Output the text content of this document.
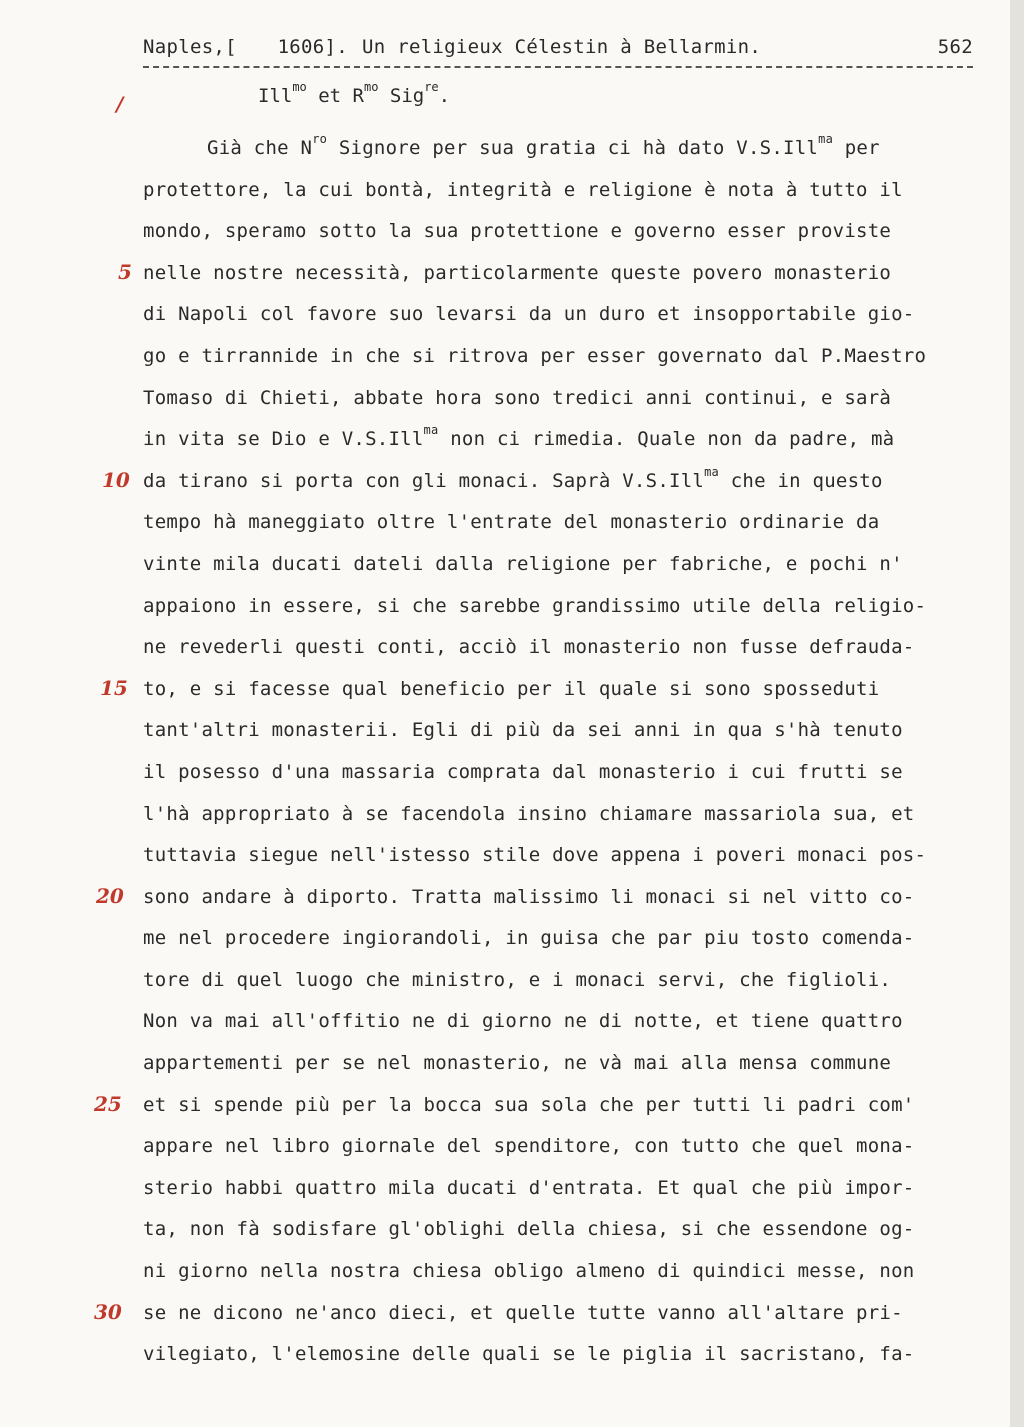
Naples,[	1606]. Un religieux Célestin à Bellarmin.	562
Ill$^{mo}$ et $R^{mo}$ Sig$^{re}$.
Già che $N^{ro}$ Signore per sua gratia ci hà dato V.S.Ill$^{ma}$ per
protettore, la cui bontà, integrità e religione è nota à tutto il
mondo, speramo sotto la sua protettione e governo esser proviste
nelle nostre necessità, particolarmente queste povero monasterio
di Napoli col favore suo levarsi da un duro et insopportabile gio-
go e tirrannide in che si ritrova per esser governato dal P.Maestro
Tomaso di Chieti, abbate hora sono tredici anni continui, e sarà
in vita se Dio e V.S.Ill$^{ma}$ non ci rimedia. Quale non da padre, mà
da tirano si porta con gli monaci. Saprà V.S.Ill$^{ma}$ che in questo
tempo hà maneggiato oltre l'entrate del monasterio ordinarie da
vinte mila ducati dateli dalla religione per fabriche, e pochi n'
appaiono in essere, si che sarebbe grandissimo utile della religio-
ne revederli questi conti, acciò il monasterio non fusse defrauda-
to, e si facesse qual beneficio per il quale si sono sposseduti
tant'altri monasterii. Egli di più da sei anni in qua s'hà tenuto
il posesso d'una massaria comprata dal monasterio i cui frutti se
l'hà appropriato à se facendola insino chiamare massariola sua, et
tuttavia siegue nell'istesso stile dove appena i poveri monaci pos-
sono andare à diporto. Tratta malissimo li monaci si nel vitto co-
me nel procedere ingiorandoli, in guisa che par piu tosto comenda-
tore di quel luogo che ministro, e i monaci servi, che figlioli.
Non va mai all'offitio ne di giorno ne di notte, et tiene quattro
appartementi per se nel monasterio, ne và mai alla mensa commune
et si spende più per la bocca sua sola che per tutti li padri com'
appare nel libro giornale del spenditore, con tutto che quel mona-
sterio habbi quattro mila ducati d'entrata. Et qual che più impor-
ta, non fà sodisfare gl'oblighi della chiesa, si che essendone og-
ni giorno nella nostra chiesa obligo almeno di quindici messe, non
se ne dicono ne'anco dieci, et quelle tutte vanno all'altare pri-
vilegiato, l'elemosine delle quali se le piglia il sacristano, fa-
/
5
10
15
20
25
30
